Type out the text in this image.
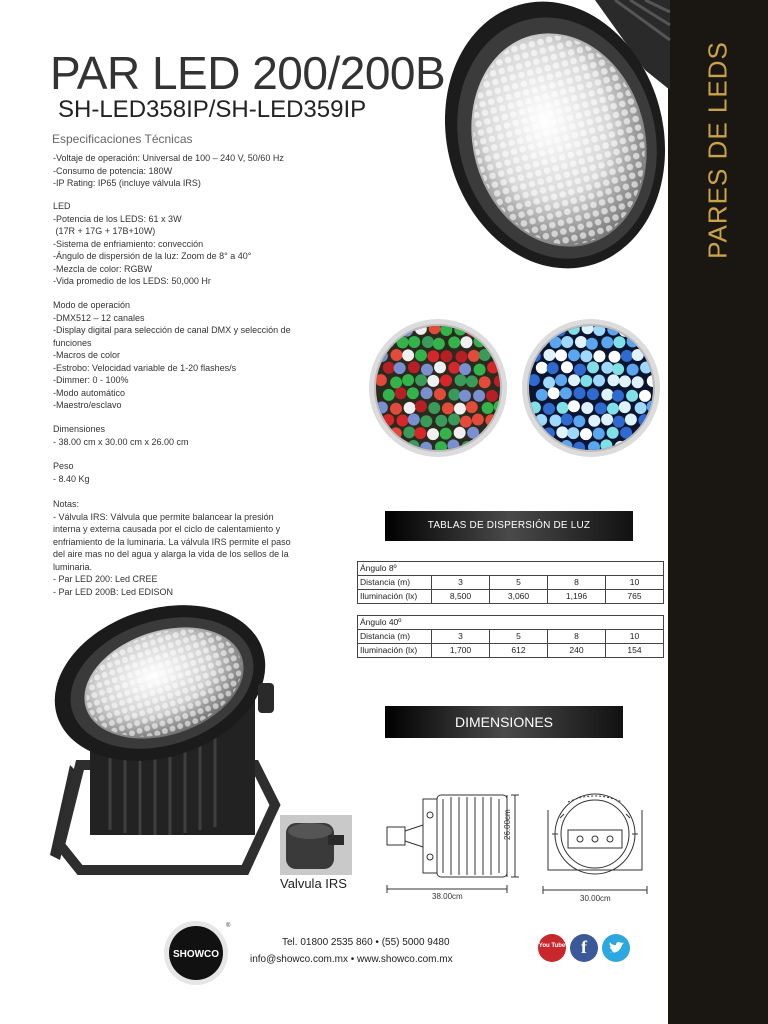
PARES DE LEDS
PAR LED 200/200B
SH-LED358IP/SH-LED359IP
Especificaciones Técnicas
-Voltaje de operación: Universal de 100 – 240 V, 50/60 Hz
-Consumo de potencia: 180W
-IP Rating: IP65 (incluye válvula IRS)
LED
-Potencia de los LEDS: 61 x 3W
(17R + 17G + 17B+10W)
-Sistema de enfriamiento: convección
-Ángulo de dispersión de la luz: Zoom de 8° a 40°
-Mezcla de color: RGBW
-Vida promedio de los LEDS: 50,000 Hr
Modo de operación
-DMX512 – 12 canales
-Display digital para selección de canal DMX y selección de
funciones
-Macros de color
-Estrobo: Velocidad variable de 1-20 flashes/s
-Dimmer: 0 - 100%
-Modo automático
-Maestro/esclavo
Dimensiones
- 38.00 cm x 30.00 cm x 26.00 cm
Peso
- 8.40 Kg
Notas:
- Válvula IRS: Válvula que permite balancear la presión
interna y externa causada por el ciclo de calentamiento y
enfriamiento de la luminaria. La válvula IRS permite el paso
del aire mas no del agua y alarga la vida de los sellos de la
luminaria.
- Par LED 200: Led CREE
- Par LED 200B: Led EDISON
TABLAS DE DISPERSIÓN DE LUZ
Ángulo 8º				
Distancia (m)	3	5	8	10
Iluminación (lx)	8,500	3,060	1,196	765
Ángulo 40º				
Distancia (m)	3	5	8	10
Iluminación (lx)	1,700	612	240	154
DIMENSIONES
38.00cm
26.00cm
30.00cm
Valvula IRS
SHOWCO
®
Tel. 01800 2535 860 • (55) 5000 9480
info@showco.com.mx • www.showco.com.mx
You Tube f
